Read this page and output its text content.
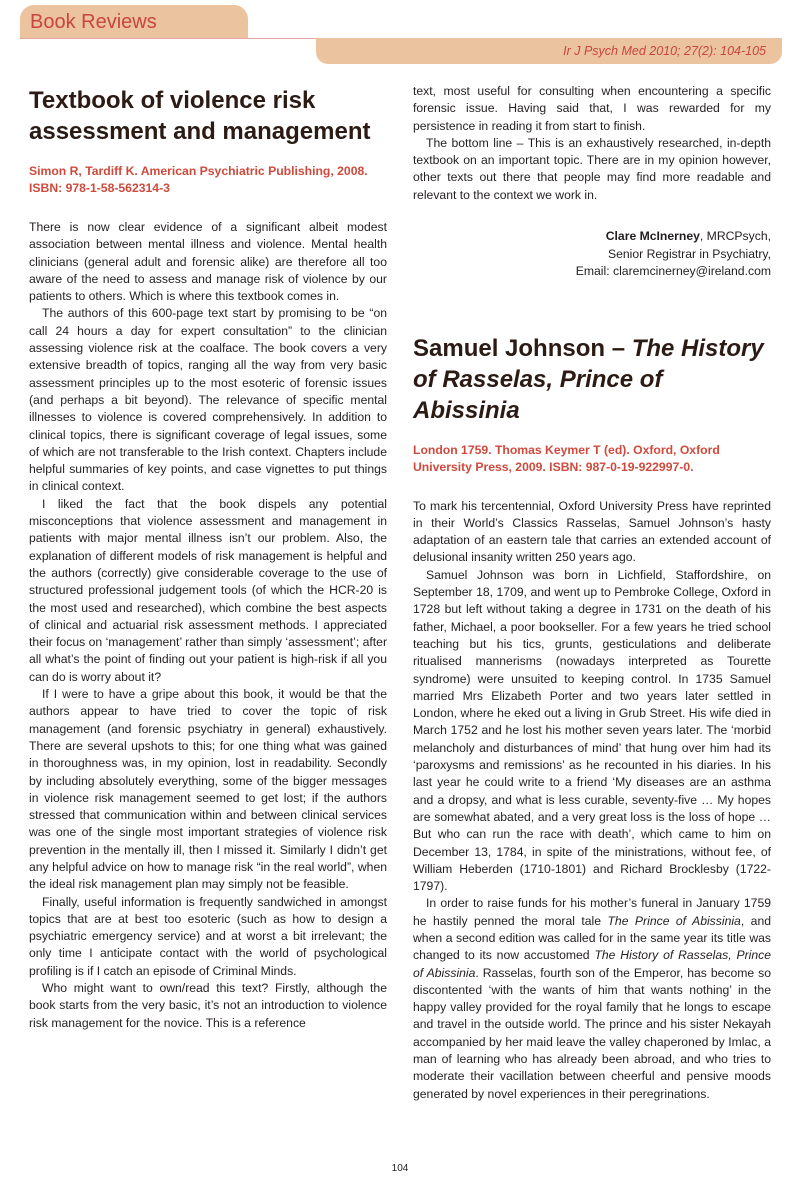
Book Reviews
Ir J Psych Med 2010; 27(2): 104-105
Textbook of violence risk assessment and management
Simon R, Tardiff K. American Psychiatric Publishing, 2008. ISBN: 978-1-58-562314-3

There is now clear evidence of a significant albeit modest association between mental illness and violence. Mental health clinicians (general adult and forensic alike) are therefore all too aware of the need to assess and manage risk of violence by our patients to others. Which is where this textbook comes in.

The authors of this 600-page text start by promising to be “on call 24 hours a day for expert consultation” to the clinician assessing violence risk at the coalface. The book covers a very extensive breadth of topics, ranging all the way from very basic assessment principles up to the most esoteric of forensic issues (and perhaps a bit beyond). The relevance of specific mental illnesses to violence is covered comprehensively. In addition to clinical topics, there is significant coverage of legal issues, some of which are not transferable to the Irish context. Chapters include helpful summaries of key points, and case vignettes to put things in clinical context.

I liked the fact that the book dispels any potential misconceptions that violence assessment and management in patients with major mental illness isn’t our problem. Also, the explanation of different models of risk management is helpful and the authors (correctly) give considerable coverage to the use of structured professional judgement tools (of which the HCR-20 is the most used and researched), which combine the best aspects of clinical and actuarial risk assessment methods. I appreciated their focus on ‘management’ rather than simply ‘assessment’; after all what’s the point of finding out your patient is high-risk if all you can do is worry about it?

If I were to have a gripe about this book, it would be that the authors appear to have tried to cover the topic of risk management (and forensic psychiatry in general) exhaustively. There are several upshots to this; for one thing what was gained in thoroughness was, in my opinion, lost in readability. Secondly by including absolutely everything, some of the bigger messages in violence risk management seemed to get lost; if the authors stressed that communication within and between clinical services was one of the single most important strategies of violence risk prevention in the mentally ill, then I missed it. Similarly I didn’t get any helpful advice on how to manage risk “in the real world”, when the ideal risk management plan may simply not be feasible.

Finally, useful information is frequently sandwiched in amongst topics that are at best too esoteric (such as how to design a psychiatric emergency service) and at worst a bit irrelevant; the only time I anticipate contact with the world of psychological profiling is if I catch an episode of Criminal Minds.

Who might want to own/read this text? Firstly, although the book starts from the very basic, it’s not an introduction to violence risk management for the novice. This is a reference

text, most useful for consulting when encountering a specific forensic issue. Having said that, I was rewarded for my persistence in reading it from start to finish.

The bottom line – This is an exhaustively researched, in-depth textbook on an important topic. There are in my opinion however, other texts out there that people may find more readable and relevant to the context we work in.

Clare McInerney, MRCPsych,
Senior Registrar in Psychiatry,
Email: claremcinerney@ireland.com
Samuel Johnson – The History of Rasselas, Prince of Abissinia
London 1759. Thomas Keymer T (ed). Oxford, Oxford University Press, 2009. ISBN: 987-0-19-922997-0.

To mark his tercentennial, Oxford University Press have reprinted in their World’s Classics Rasselas, Samuel Johnson’s hasty adaptation of an eastern tale that carries an extended account of delusional insanity written 250 years ago.

Samuel Johnson was born in Lichfield, Staffordshire, on September 18, 1709, and went up to Pembroke College, Oxford in 1728 but left without taking a degree in 1731 on the death of his father, Michael, a poor bookseller. For a few years he tried school teaching but his tics, grunts, gesticulations and deliberate ritualised mannerisms (nowadays interpreted as Tourette syndrome) were unsuited to keeping control. In 1735 Samuel married Mrs Elizabeth Porter and two years later settled in London, where he eked out a living in Grub Street. His wife died in March 1752 and he lost his mother seven years later. The ‘morbid melancholy and disturbances of mind’ that hung over him had its ‘paroxysms and remissions’ as he recounted in his diaries. In his last year he could write to a friend ‘My diseases are an asthma and a dropsy, and what is less curable, seventy-five … My hopes are somewhat abated, and a very great loss is the loss of hope … But who can run the race with death’, which came to him on December 13, 1784, in spite of the ministrations, without fee, of William Heberden (1710-1801) and Richard Brocklesby (1722-1797).

In order to raise funds for his mother’s funeral in January 1759 he hastily penned the moral tale The Prince of Abissinia, and when a second edition was called for in the same year its title was changed to its now accustomed The History of Rasselas, Prince of Abissinia. Rasselas, fourth son of the Emperor, has become so discontented ‘with the wants of him that wants nothing’ in the happy valley provided for the royal family that he longs to escape and travel in the outside world. The prince and his sister Nekayah accompanied by her maid leave the valley chaperoned by Imlac, a man of learning who has already been abroad, and who tries to moderate their vacillation between cheerful and pensive moods generated by novel experiences in their peregrinations.

104
